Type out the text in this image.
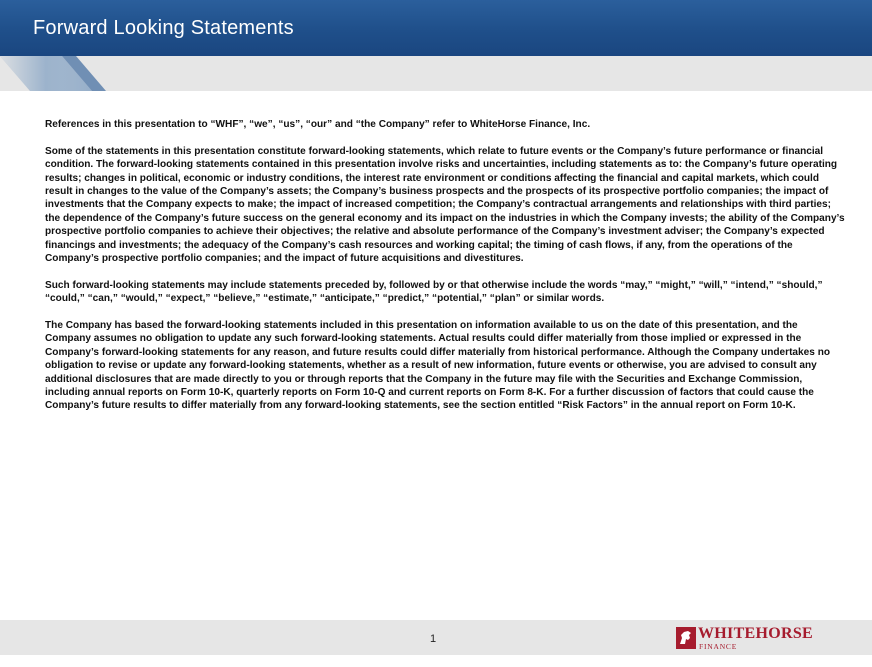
Forward Looking Statements

References in this presentation to “WHF”, “we”, “us”, “our” and “the Company” refer to WhiteHorse Finance, Inc.

Some of the statements in this presentation constitute forward-looking statements, which relate to future events or the Company’s future performance or financial condition. The forward-looking statements contained in this presentation involve risks and uncertainties, including statements as to: the Company’s future operating results; changes in political, economic or industry conditions, the interest rate environment or conditions affecting the financial and capital markets, which could result in changes to the value of the Company’s assets; the Company’s business prospects and the prospects of its prospective portfolio companies; the impact of investments that the Company expects to make; the impact of increased competition; the Company’s contractual arrangements and relationships with third parties; the dependence of the Company’s future success on the general economy and its impact on the industries in which the Company invests; the ability of the Company’s prospective portfolio companies to achieve their objectives; the relative and absolute performance of the Company’s investment adviser; the Company’s expected financings and investments; the adequacy of the Company’s cash resources and working capital; the timing of cash flows, if any, from the operations of the Company’s prospective portfolio companies; and the impact of future acquisitions and divestitures.

Such forward-looking statements may include statements preceded by, followed by or that otherwise include the words “may,” “might,” “will,” “intend,” “should,” “could,” “can,” “would,” “expect,” “believe,” “estimate,” “anticipate,” “predict,” “potential,” “plan” or similar words.

The Company has based the forward-looking statements included in this presentation on information available to us on the date of this presentation, and the Company assumes no obligation to update any such forward-looking statements. Actual results could differ materially from those implied or expressed in the Company’s forward-looking statements for any reason, and future results could differ materially from historical performance. Although the Company undertakes no obligation to revise or update any forward-looking statements, whether as a result of new information, future events or otherwise, you are advised to consult any additional disclosures that are made directly to you or through reports that the Company in the future may file with the Securities and Exchange Commission, including annual reports on Form 10-K, quarterly reports on Form 10-Q and current reports on Form 8-K. For a further discussion of factors that could cause the Company’s future results to differ materially from any forward-looking statements, see the section entitled “Risk Factors” in the annual report on Form 10-K.

1	WHITEHORSE
FINANCE
